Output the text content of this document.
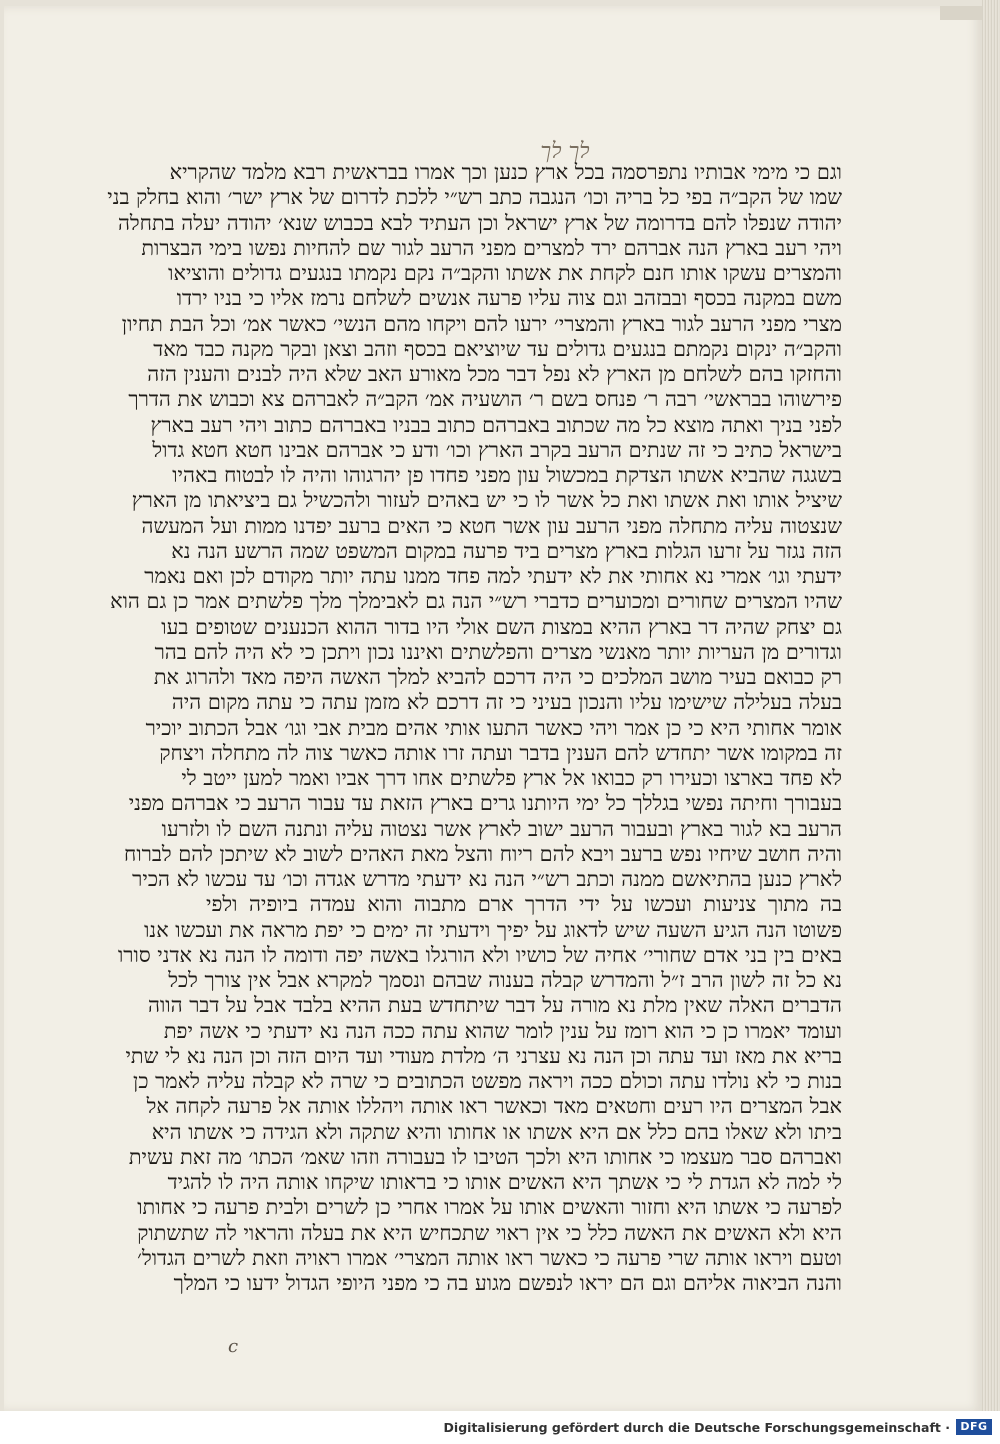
לך לך
וגם כי מימי אבותיו נתפרסמה בכל ארץ כנען וכך אמרו בבראשית רבא מלמד שהקריא
שמו של הקב״ה בפי כל בריה וכו׳ הנגבה כתב רש״י ללכת לדרום של ארץ ישר׳ והוא בחלק בני
יהודה שנפלו להם בדרומה של ארץ ישראל וכן העתיד לבא בכבוש שנא׳ יהודה יעלה בתחלה
ויהי רעב בארץ הנה אברהם ירד למצרים מפני הרעב לגור שם להחיות נפשו בימי הבצרות
והמצרים עשקו אותו חנם לקחת את אשתו והקב״ה נקם נקמתו בנגעים גדולים והוציאו
משם במקנה בכסף ובבזהב וגם צוה עליו פרעה אנשים לשלחם נרמז אליו כי בניו ירדו
מצרי מפני הרעב לגור בארץ והמצרי׳ ירעו להם ויקחו מהם הנשי׳ כאשר אמ׳ וכל הבת תחיון
והקב״ה ינקום נקמתם בנגעים גדולים עד שיוציאם בכסף וזהב וצאן ובקר מקנה כבד מאד
והחזקו בהם לשלחם מן הארץ לא נפל דבר מכל מאורע האב שלא היה לבנים והענין הזה
פירשוהו בבראשי׳ רבה ר׳ פנחס בשם ר׳ הושעיה אמ׳ הקב״ה לאברהם צא וכבוש את הדרך
לפני בניך ואתה מוצא כל מה שכתוב באברהם כתוב בבניו באברהם כתוב ויהי רעב בארץ
בישראל כתיב כי זה שנתים הרעב בקרב הארץ וכו׳ ודע כי אברהם אבינו חטא חטא גדול
בשגגה שהביא אשתו הצדקת במכשול עון מפני פחדו פן יהרגוהו והיה לו לבטוח באהיו
שיציל אותו ואת אשתו ואת כל אשר לו כי יש באהים לעזור ולהכשיל גם ביציאתו מן הארץ
שנצטוה עליה מתחלה מפני הרעב עון אשר חטא כי האים ברעב יפדנו ממות ועל המעשה
הזה נגזר על זרעו הגלות בארץ מצרים ביד פרעה במקום המשפט שמה הרשע הנה נא
ידעתי וגו׳ אמרי נא אחותי את לא ידעתי למה פחד ממנו עתה יותר מקודם לכן ואם נאמר
שהיו המצרים שחורים ומכוערים כדברי רש״י הנה גם לאבימלך מלך פלשתים אמר כן גם הוא
גם יצחק שהיה דר בארץ ההיא במצות השם אולי היו בדור ההוא הכנענים שטופים בעו
וגדורים מן העריות יותר מאנשי מצרים והפלשתים ואיננו נכון ויתכן כי לא היה להם בהר
רק כבואם בעיר מושב המלכים כי היה דרכם להביא למלך האשה היפה מאד ולהרוג את
בעלה בעלילה שישימו עליו והנכון בעיני כי זה דרכם לא מזמן עתה כי עתה מקום היה
אומר אחותי היא כי כן אמר ויהי כאשר התעו אותי אהים מבית אבי וגו׳ אבל הכתוב יוכיר
זה במקומו אשר יתחדש להם הענין בדבר ועתה זרו אותה כאשר צוה לה מתחלה ויצחק
לא פחד בארצו וכעירו רק כבואו אל ארץ פלשתים אחו דרך אביו ואמר למען ייטב לי
בעבורך וחיתה נפשי בגללך כל ימי היותנו גרים בארץ הזאת עד עבור הרעב כי אברהם מפני
הרעב בא לגור בארץ ובעבור הרעב ישוב לארץ אשר נצטוה עליה ונתנה השם לו ולזרעו
והיה חושב שיחיו נפש ברעב ויבא להם ריוח והצל מאת האהים לשוב לא שיתכן להם לברוח
לארץ כנען בהתיאשם ממנה וכתב רש״י הנה נא ידעתי מדרש אגדה וכו׳ עד עכשו לא הכיר
בה מתוך צניעות ועכשו על ידי הדרך ארם מתבוה והוא עמדה ביופיה ולפי
פשוטו הנה הגיע השעה שיש לדאוג על יפיך וידעתי זה ימים כי יפת מראה את ועכשו אנו
באים בין בני אדם שחורי׳ אחיה של כושיו ולא הורגלו באשה יפה ודומה לו הנה נא אדני סורו
נא כל זה לשון הרב ז״ל והמדרש קבלה בענוה שבהם ונסמך למקרא אבל אין צורך לכל
הדברים האלה שאין מלת נא מורה על דבר שיתחדש בעת ההיא בלבד אבל על דבר הווה
ועומד יאמרו כן כי הוא רומז על ענין לומר שהוא עתה ככה הנה נא ידעתי כי אשה יפת
בריא את מאז ועד עתה וכן הנה נא עצרני ה׳ מלדת מעודי ועד היום הזה וכן הנה נא לי שתי
בנות כי לא נולדו עתה וכולם ככה ויראה מפשט הכתובים כי שרה לא קבלה עליה לאמר כן
אבל המצרים היו רעים וחטאים מאד וכאשר ראו אותה ויהללו אותה אל פרעה לקחה אל
ביתו ולא שאלו בהם כלל אם היא אשתו או אחותו והיא שתקה ולא הגידה כי אשתו היא
ואברהם סבר מעצמו כי אחותו היא ולכך הטיבו לו בעבורה וזהו שאמ׳ הכתו׳ מה זאת עשית
לי למה לא הגדת לי כי אשתך היא האשים אותו כי בראותו שיקחו אותה היה לו להגיד
לפרעה כי אשתו היא וחזור והאשים אותו על אמרו אחרי כן לשרים ולבית פרעה כי אחותו
היא ולא האשים את האשה כלל כי אין ראוי שתכחיש היא את בעלה והראוי לה שתשתוק
וטעם ויראו אותה שרי פרעה כי כאשר ראו אותה המצרי׳ אמרו ראויה וזאת לשרים הגדול׳
והנה הביאוה אליהם וגם הם יראו לנפשם מגוע בה כי מפני היופי הגדול ידעו כי המלך
c
Digitalisierung gefördert durch die Deutsche Forschungsgemeinschaft · DFG
